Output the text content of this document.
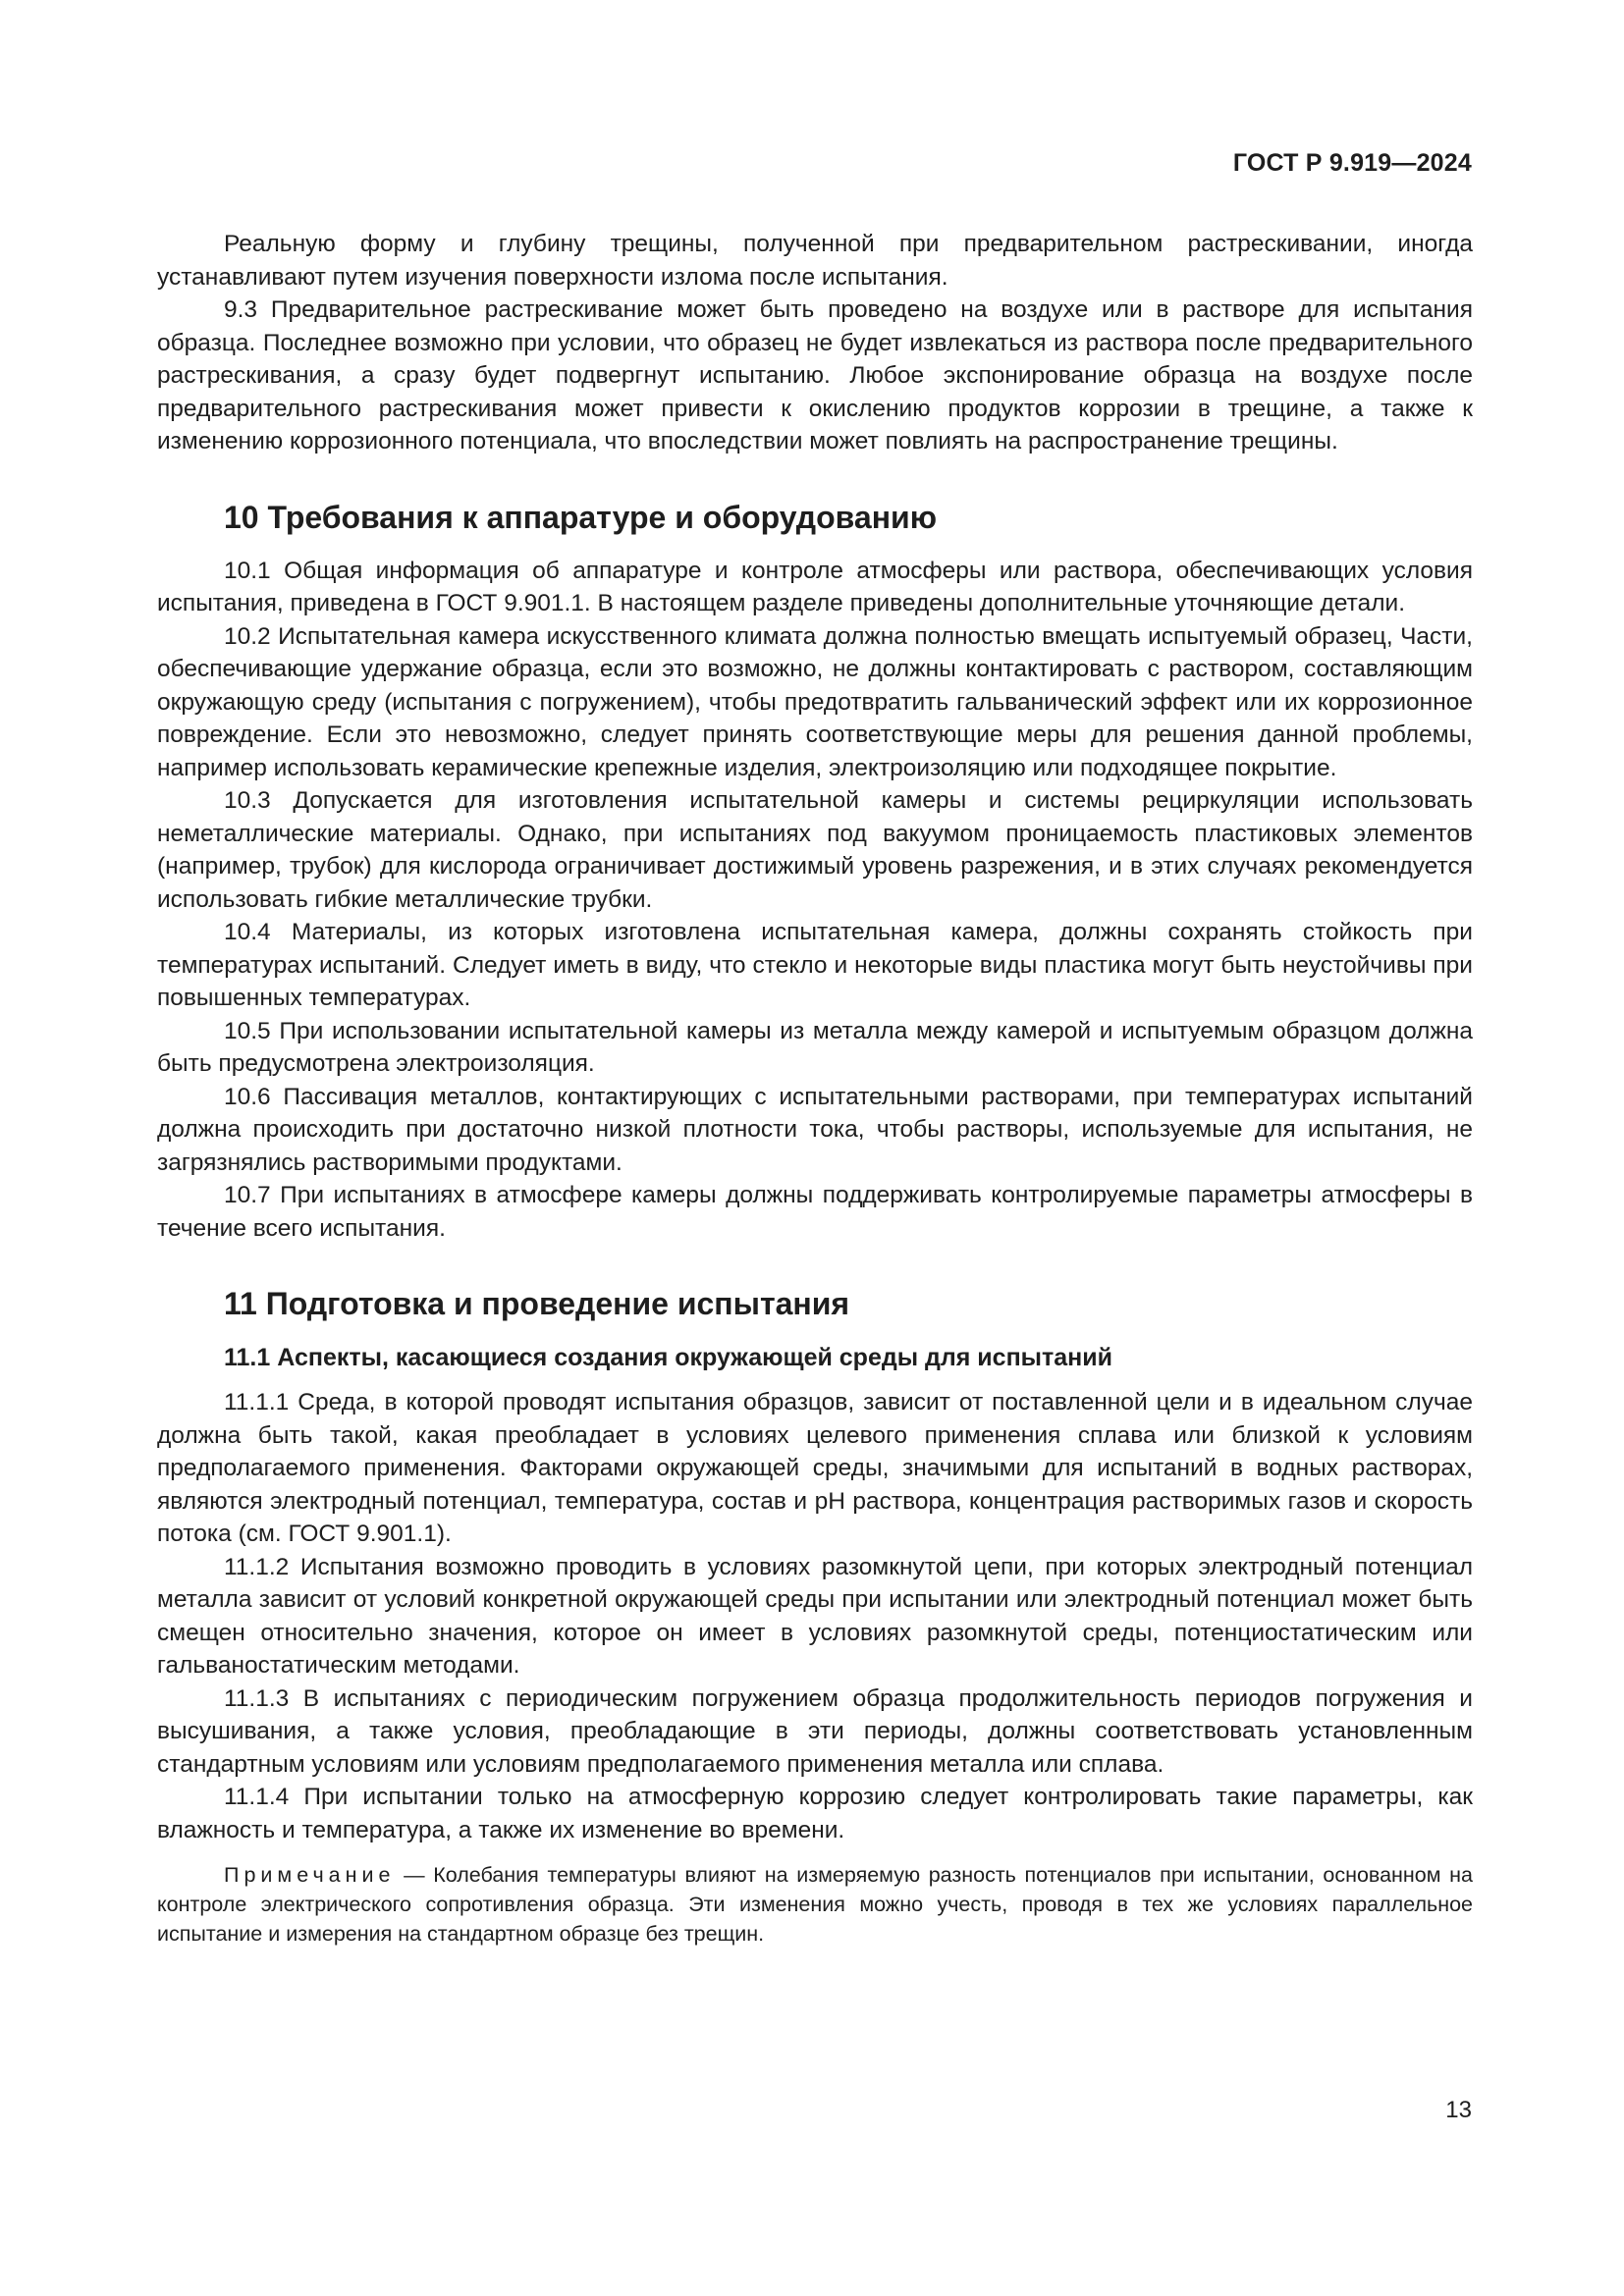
ГОСТ Р 9.919—2024

Реальную форму и глубину трещины, полученной при предварительном растрескивании, иногда устанавливают путем изучения поверхности излома после испытания.

9.3 Предварительное растрескивание может быть проведено на воздухе или в растворе для испытания образца. Последнее возможно при условии, что образец не будет извлекаться из раствора после предварительного растрескивания, а сразу будет подвергнут испытанию. Любое экспонирование образца на воздухе после предварительного растрескивания может привести к окислению продуктов коррозии в трещине, а также к изменению коррозионного потенциала, что впоследствии может повлиять на распространение трещины.

10 Требования к аппаратуре и оборудованию

10.1 Общая информация об аппаратуре и контроле атмосферы или раствора, обеспечивающих условия испытания, приведена в ГОСТ 9.901.1. В настоящем разделе приведены дополнительные уточняющие детали.

10.2 Испытательная камера искусственного климата должна полностью вмещать испытуемый образец, Части, обеспечивающие удержание образца, если это возможно, не должны контактировать с раствором, составляющим окружающую среду (испытания с погружением), чтобы предотвратить гальванический эффект или их коррозионное повреждение. Если это невозможно, следует принять соответствующие меры для решения данной проблемы, например использовать керамические крепежные изделия, электроизоляцию или подходящее покрытие.

10.3 Допускается для изготовления испытательной камеры и системы рециркуляции использовать неметаллические материалы. Однако, при испытаниях под вакуумом проницаемость пластиковых элементов (например, трубок) для кислорода ограничивает достижимый уровень разрежения, и в этих случаях рекомендуется использовать гибкие металлические трубки.

10.4 Материалы, из которых изготовлена испытательная камера, должны сохранять стойкость при температурах испытаний. Следует иметь в виду, что стекло и некоторые виды пластика могут быть неустойчивы при повышенных температурах.

10.5 При использовании испытательной камеры из металла между камерой и испытуемым образцом должна быть предусмотрена электроизоляция.

10.6 Пассивация металлов, контактирующих с испытательными растворами, при температурах испытаний должна происходить при достаточно низкой плотности тока, чтобы растворы, используемые для испытания, не загрязнялись растворимыми продуктами.

10.7 При испытаниях в атмосфере камеры должны поддерживать контролируемые параметры атмосферы в течение всего испытания.

11 Подготовка и проведение испытания
11.1 Аспекты, касающиеся создания окружающей среды для испытаний

11.1.1 Среда, в которой проводят испытания образцов, зависит от поставленной цели и в идеальном случае должна быть такой, какая преобладает в условиях целевого применения сплава или близкой к условиям предполагаемого применения. Факторами окружающей среды, значимыми для испытаний в водных растворах, являются электродный потенциал, температура, состав и pH раствора, концентрация растворимых газов и скорость потока (см. ГОСТ 9.901.1).

11.1.2 Испытания возможно проводить в условиях разомкнутой цепи, при которых электродный потенциал металла зависит от условий конкретной окружающей среды при испытании или электродный потенциал может быть смещен относительно значения, которое он имеет в условиях разомкнутой среды, потенциостатическим или гальваностатическим методами.

11.1.3 В испытаниях с периодическим погружением образца продолжительность периодов погружения и высушивания, а также условия, преобладающие в эти периоды, должны соответствовать установленным стандартным условиям или условиям предполагаемого применения металла или сплава.

11.1.4 При испытании только на атмосферную коррозию следует контролировать такие параметры, как влажность и температура, а также их изменение во времени.

Примечание — Колебания температуры влияют на измеряемую разность потенциалов при испытании, основанном на контроле электрического сопротивления образца. Эти изменения можно учесть, проводя в тех же условиях параллельное испытание и измерения на стандартном образце без трещин.

13
